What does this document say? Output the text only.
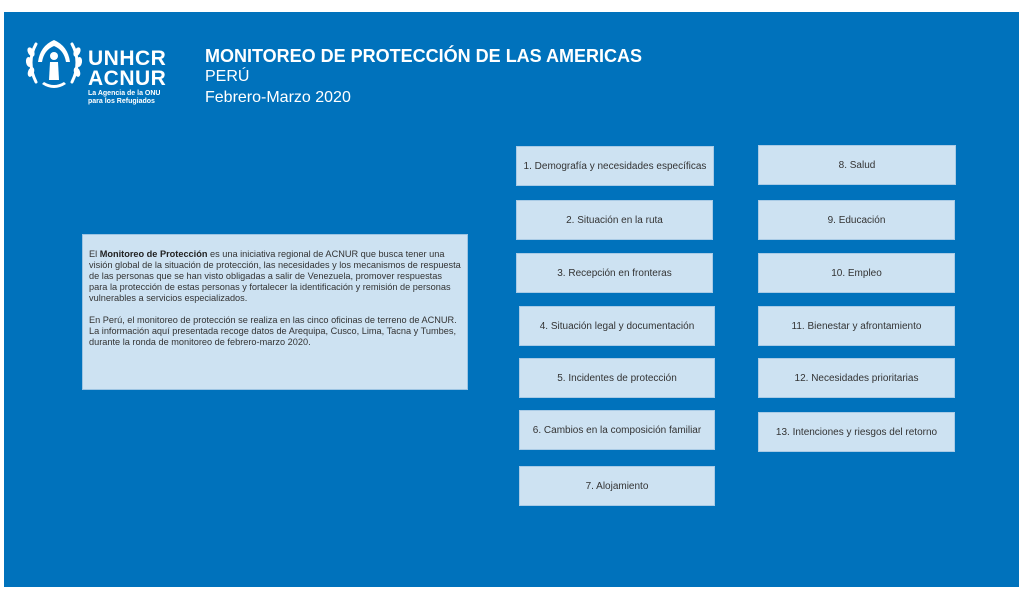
UNHCR
ACNUR
La Agencia de la ONU
para los Refugiados
MONITOREO DE PROTECCIÓN DE LAS AMERICAS
PERÚ
Febrero-Marzo 2020

El Monitoreo de Protección es una iniciativa regional de ACNUR que busca tener una visión global de la situación de protección, las necesidades y los mecanismos de respuesta de las personas que se han visto obligadas a salir de Venezuela, promover respuestas para la protección de estas personas y fortalecer la identificación y remisión de personas vulnerables a servicios especializados.

En Perú, el monitoreo de protección se realiza en las cinco oficinas de terreno de ACNUR. La información aquí presentada recoge datos de Arequipa, Cusco, Lima, Tacna y Tumbes, durante la ronda de monitoreo de febrero-marzo 2020.

1. Demografía y necesidades específicas
2. Situación en la ruta
3. Recepción en fronteras
4. Situación legal y documentación
5. Incidentes de protección
6. Cambios en la composición familiar
7. Alojamiento
8. Salud
9. Educación
10. Empleo
11. Bienestar y afrontamiento
12. Necesidades prioritarias
13. Intenciones y riesgos del retorno
